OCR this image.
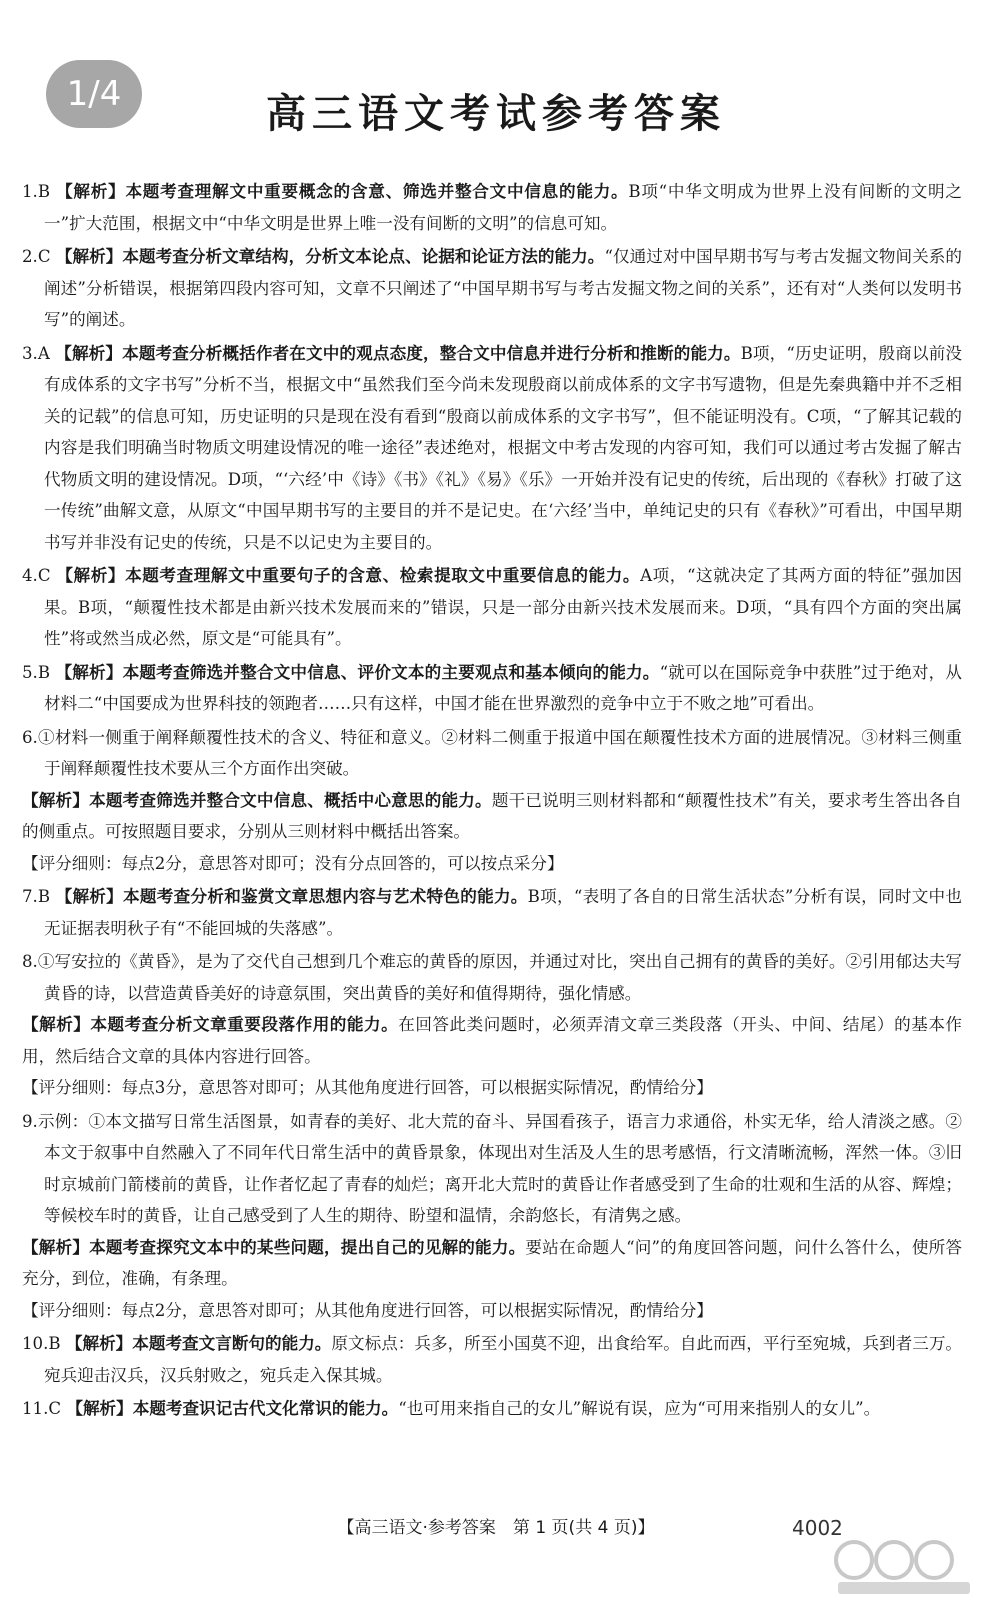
1/4	高三语文考试参考答案

1.B 【解析】本题考查理解文中重要概念的含意、筛选并整合文中信息的能力。B项“中华文明成为世界上没有间断的文明之一”扩大范围，根据文中“中华文明是世界上唯一没有间断的文明”的信息可知。

2.C 【解析】本题考查分析文章结构，分析文本论点、论据和论证方法的能力。“仅通过对中国早期书写与考古发掘文物间关系的阐述”分析错误，根据第四段内容可知，文章不只阐述了“中国早期书写与考古发掘文物之间的关系”，还有对“人类何以发明书写”的阐述。

3.A 【解析】本题考查分析概括作者在文中的观点态度，整合文中信息并进行分析和推断的能力。B项，“历史证明，殷商以前没有成体系的文字书写”分析不当，根据文中“虽然我们至今尚未发现殷商以前成体系的文字书写遗物，但是先秦典籍中并不乏相关的记载”的信息可知，历史证明的只是现在没有看到“殷商以前成体系的文字书写”，但不能证明没有。C项，“了解其记载的内容是我们明确当时物质文明建设情况的唯一途径”表述绝对，根据文中考古发现的内容可知，我们可以通过考古发掘了解古代物质文明的建设情况。D项，“‘六经’中《诗》《书》《礼》《易》《乐》一开始并没有记史的传统，后出现的《春秋》打破了这一传统”曲解文意，从原文“中国早期书写的主要目的并不是记史。在‘六经’当中，单纯记史的只有《春秋》”可看出，中国早期书写并非没有记史的传统，只是不以记史为主要目的。

4.C 【解析】本题考查理解文中重要句子的含意、检索提取文中重要信息的能力。A项，“这就决定了其两方面的特征”强加因果。B项，“颠覆性技术都是由新兴技术发展而来的”错误，只是一部分由新兴技术发展而来。D项，“具有四个方面的突出属性”将或然当成必然，原文是“可能具有”。

5.B 【解析】本题考查筛选并整合文中信息、评价文本的主要观点和基本倾向的能力。“就可以在国际竞争中获胜”过于绝对，从材料二“中国要成为世界科技的领跑者……只有这样，中国才能在世界激烈的竞争中立于不败之地”可看出。

6.①材料一侧重于阐释颠覆性技术的含义、特征和意义。②材料二侧重于报道中国在颠覆性技术方面的进展情况。③材料三侧重于阐释颠覆性技术要从三个方面作出突破。

【解析】本题考查筛选并整合文中信息、概括中心意思的能力。题干已说明三则材料都和“颠覆性技术”有关，要求考生答出各自的侧重点。可按照题目要求，分别从三则材料中概括出答案。

【评分细则：每点2分，意思答对即可；没有分点回答的，可以按点采分】

7.B 【解析】本题考查分析和鉴赏文章思想内容与艺术特色的能力。B项，“表明了各自的日常生活状态”分析有误，同时文中也无证据表明秋子有“不能回城的失落感”。

8.①写安拉的《黄昏》，是为了交代自己想到几个难忘的黄昏的原因，并通过对比，突出自己拥有的黄昏的美好。②引用郁达夫写黄昏的诗，以营造黄昏美好的诗意氛围，突出黄昏的美好和值得期待，强化情感。

【解析】本题考查分析文章重要段落作用的能力。在回答此类问题时，必须弄清文章三类段落（开头、中间、结尾）的基本作用，然后结合文章的具体内容进行回答。

【评分细则：每点3分，意思答对即可；从其他角度进行回答，可以根据实际情况，酌情给分】

9.示例：①本文描写日常生活图景，如青春的美好、北大荒的奋斗、异国看孩子，语言力求通俗，朴实无华，给人清淡之感。②本文于叙事中自然融入了不同年代日常生活中的黄昏景象，体现出对生活及人生的思考感悟，行文清晰流畅，浑然一体。③旧时京城前门箭楼前的黄昏，让作者忆起了青春的灿烂；离开北大荒时的黄昏让作者感受到了生命的壮观和生活的从容、辉煌；等候校车时的黄昏，让自己感受到了人生的期待、盼望和温情，余韵悠长，有清隽之感。

【解析】本题考查探究文本中的某些问题，提出自己的见解的能力。要站在命题人“问”的角度回答问题，问什么答什么，使所答充分，到位，准确，有条理。

【评分细则：每点2分，意思答对即可；从其他角度进行回答，可以根据实际情况，酌情给分】

10.B 【解析】本题考查文言断句的能力。原文标点：兵多，所至小国莫不迎，出食给军。自此而西，平行至宛城，兵到者三万。宛兵迎击汉兵，汉兵射败之，宛兵走入保其城。

11.C 【解析】本题考查识记古代文化常识的能力。“也可用来指自己的女儿”解说有误，应为“可用来指别人的女儿”。

【高三语文·参考答案　第 1 页(共 4 页)】	4002
